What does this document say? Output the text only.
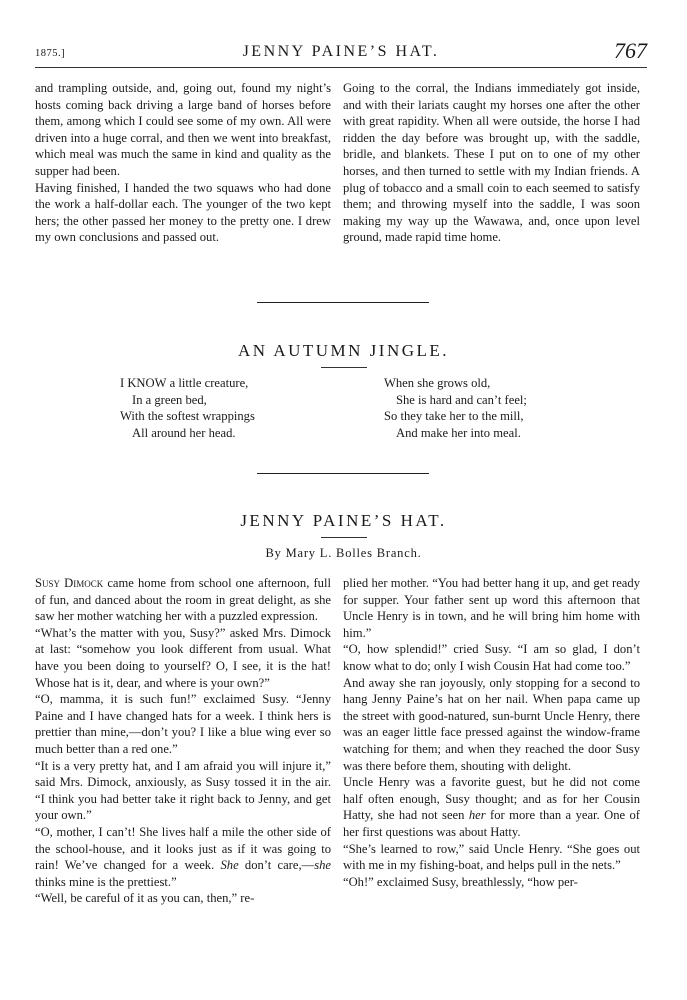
1875.]	JENNY PAINE’S HAT.	767

and trampling outside, and, going out, found my night’s hosts coming back driving a large band of horses before them, among which I could see some of my own. All were driven into a huge corral, and then we went into breakfast, which meal was much the same in kind and quality as the supper had been.

Having finished, I handed the two squaws who had done the work a half-dollar each. The younger of the two kept hers; the other passed her money to the pretty one. I drew my own conclusions and passed out.

Going to the corral, the Indians immediately got inside, and with their lariats caught my horses one after the other with great rapidity. When all were outside, the horse I had ridden the day before was brought up, with the saddle, bridle, and blankets. These I put on to one of my other horses, and then turned to settle with my Indian friends. A plug of tobacco and a small coin to each seemed to satisfy them; and throwing myself into the saddle, I was soon making my way up the Wawawa, and, once upon level ground, made rapid time home.

AN AUTUMN JINGLE.
I KNOW a little creature,
In a green bed,
With the softest wrappings
All around her head.
When she grows old,
She is hard and can’t feel;
So they take her to the mill,
And make her into meal.
JENNY PAINE’S HAT.
By Mary L. Bolles Branch.

Susy Dimock came home from school one afternoon, full of fun, and danced about the room in great delight, as she saw her mother watching her with a puzzled expression.

“What’s the matter with you, Susy?” asked Mrs. Dimock at last: “somehow you look different from usual. What have you been doing to yourself? O, I see, it is the hat! Whose hat is it, dear, and where is your own?”

“O, mamma, it is such fun!” exclaimed Susy. “Jenny Paine and I have changed hats for a week. I think hers is prettier than mine,—don’t you? I like a blue wing ever so much better than a red one.”

“It is a very pretty hat, and I am afraid you will injure it,” said Mrs. Dimock, anxiously, as Susy tossed it in the air. “I think you had better take it right back to Jenny, and get your own.”

“O, mother, I can’t! She lives half a mile the other side of the school-house, and it looks just as if it was going to rain! We’ve changed for a week. She don’t care,—she thinks mine is the prettiest.”

“Well, be careful of it as you can, then,” re-

plied her mother. “You had better hang it up, and get ready for supper. Your father sent up word this afternoon that Uncle Henry is in town, and he will bring him home with him.”

“O, how splendid!” cried Susy. “I am so glad, I don’t know what to do; only I wish Cousin Hat had come too.”

And away she ran joyously, only stopping for a second to hang Jenny Paine’s hat on her nail. When papa came up the street with good-natured, sun-burnt Uncle Henry, there was an eager little face pressed against the window-frame watching for them; and when they reached the door Susy was there before them, shouting with delight.

Uncle Henry was a favorite guest, but he did not come half often enough, Susy thought; and as for her Cousin Hatty, she had not seen her for more than a year. One of her first questions was about Hatty.

“She’s learned to row,” said Uncle Henry. “She goes out with me in my fishing-boat, and helps pull in the nets.”

“Oh!” exclaimed Susy, breathlessly, “how per-
